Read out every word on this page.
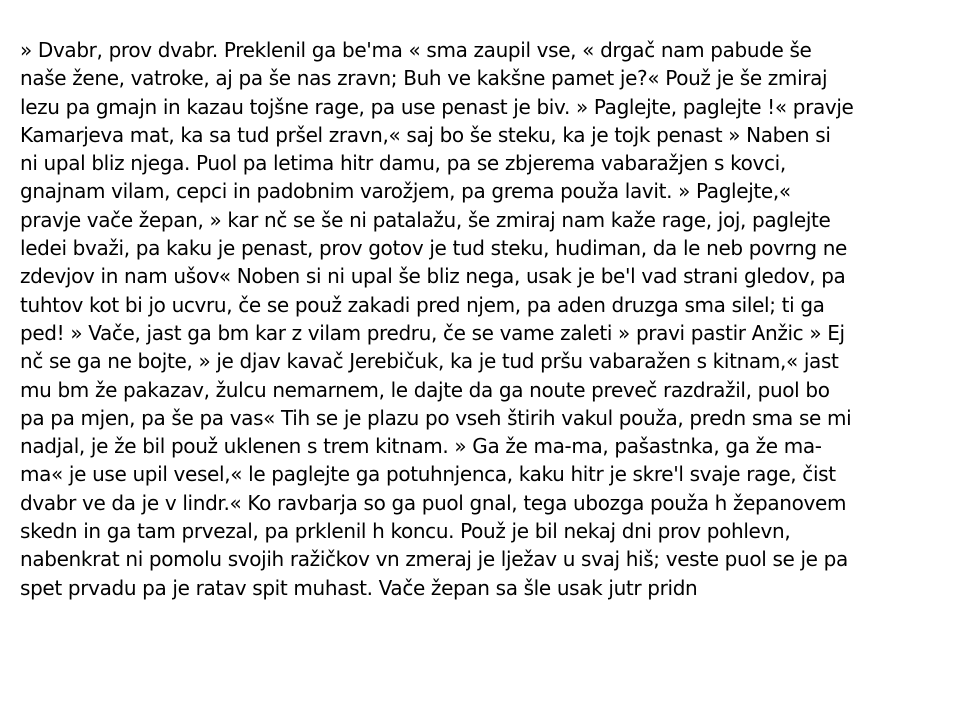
» Dvabr, prov dvabr. Preklenil ga be'ma « sma zaupil vse, « drgač nam pabude še
naše žene, vatroke, aj pa še nas zravn; Buh ve kakšne pamet je?« Použ je še zmiraj
lezu pa gmajn in kazau tojšne rage, pa use penast je biv. » Paglejte, paglejte !« pravje
Kamarjeva mat, ka sa tud pršel zravn,« saj bo še steku, ka je tojk penast » Naben si
ni upal bliz njega. Puol pa letima hitr damu, pa se zbjerema vabaražjen s kovci,
gnajnam vilam, cepci in padobnim varožjem, pa grema použa lavit. » Paglejte,«
pravje vače žepan, » kar nč se še ni patalažu, še zmiraj nam kaže rage, joj, paglejte
ledei bvaži, pa kaku je penast, prov gotov je tud steku, hudiman, da le neb povrng ne
zdevjov in nam ušov« Noben si ni upal še bliz nega, usak je be'l vad strani gledov, pa
tuhtov kot bi jo ucvru, če se použ zakadi pred njem, pa aden druzga sma silel; ti ga
ped! » Vače, jast ga bm kar z vilam predru, če se vame zaleti » pravi pastir Anžic » Ej
nč se ga ne bojte, » je djav kavač Jerebičuk, ka je tud pršu vabaražen s kitnam,« jast
mu bm že pakazav, žulcu nemarnem, le dajte da ga noute preveč razdražil, puol bo
pa pa mjen, pa še pa vas« Tih se je plazu po vseh štirih vakul použa, predn sma se mi
nadjal, je že bil použ uklenen s trem kitnam. » Ga že ma-ma, pašastnka, ga že ma-
ma« je use upil vesel,« le paglejte ga potuhnjenca, kaku hitr je skre'l svaje rage, čist
dvabr ve da je v lindr.« Ko ravbarja so ga puol gnal, tega ubozga použa h žepanovem
skedn in ga tam prvezal, pa prklenil h koncu. Použ je bil nekaj dni prov pohlevn,
nabenkrat ni pomolu svojih ražičkov vn zmeraj je lježav u svaj hiš; veste puol se je pa
spet prvadu pa je ratav spit muhast. Vače žepan sa šle usak jutr pridn
